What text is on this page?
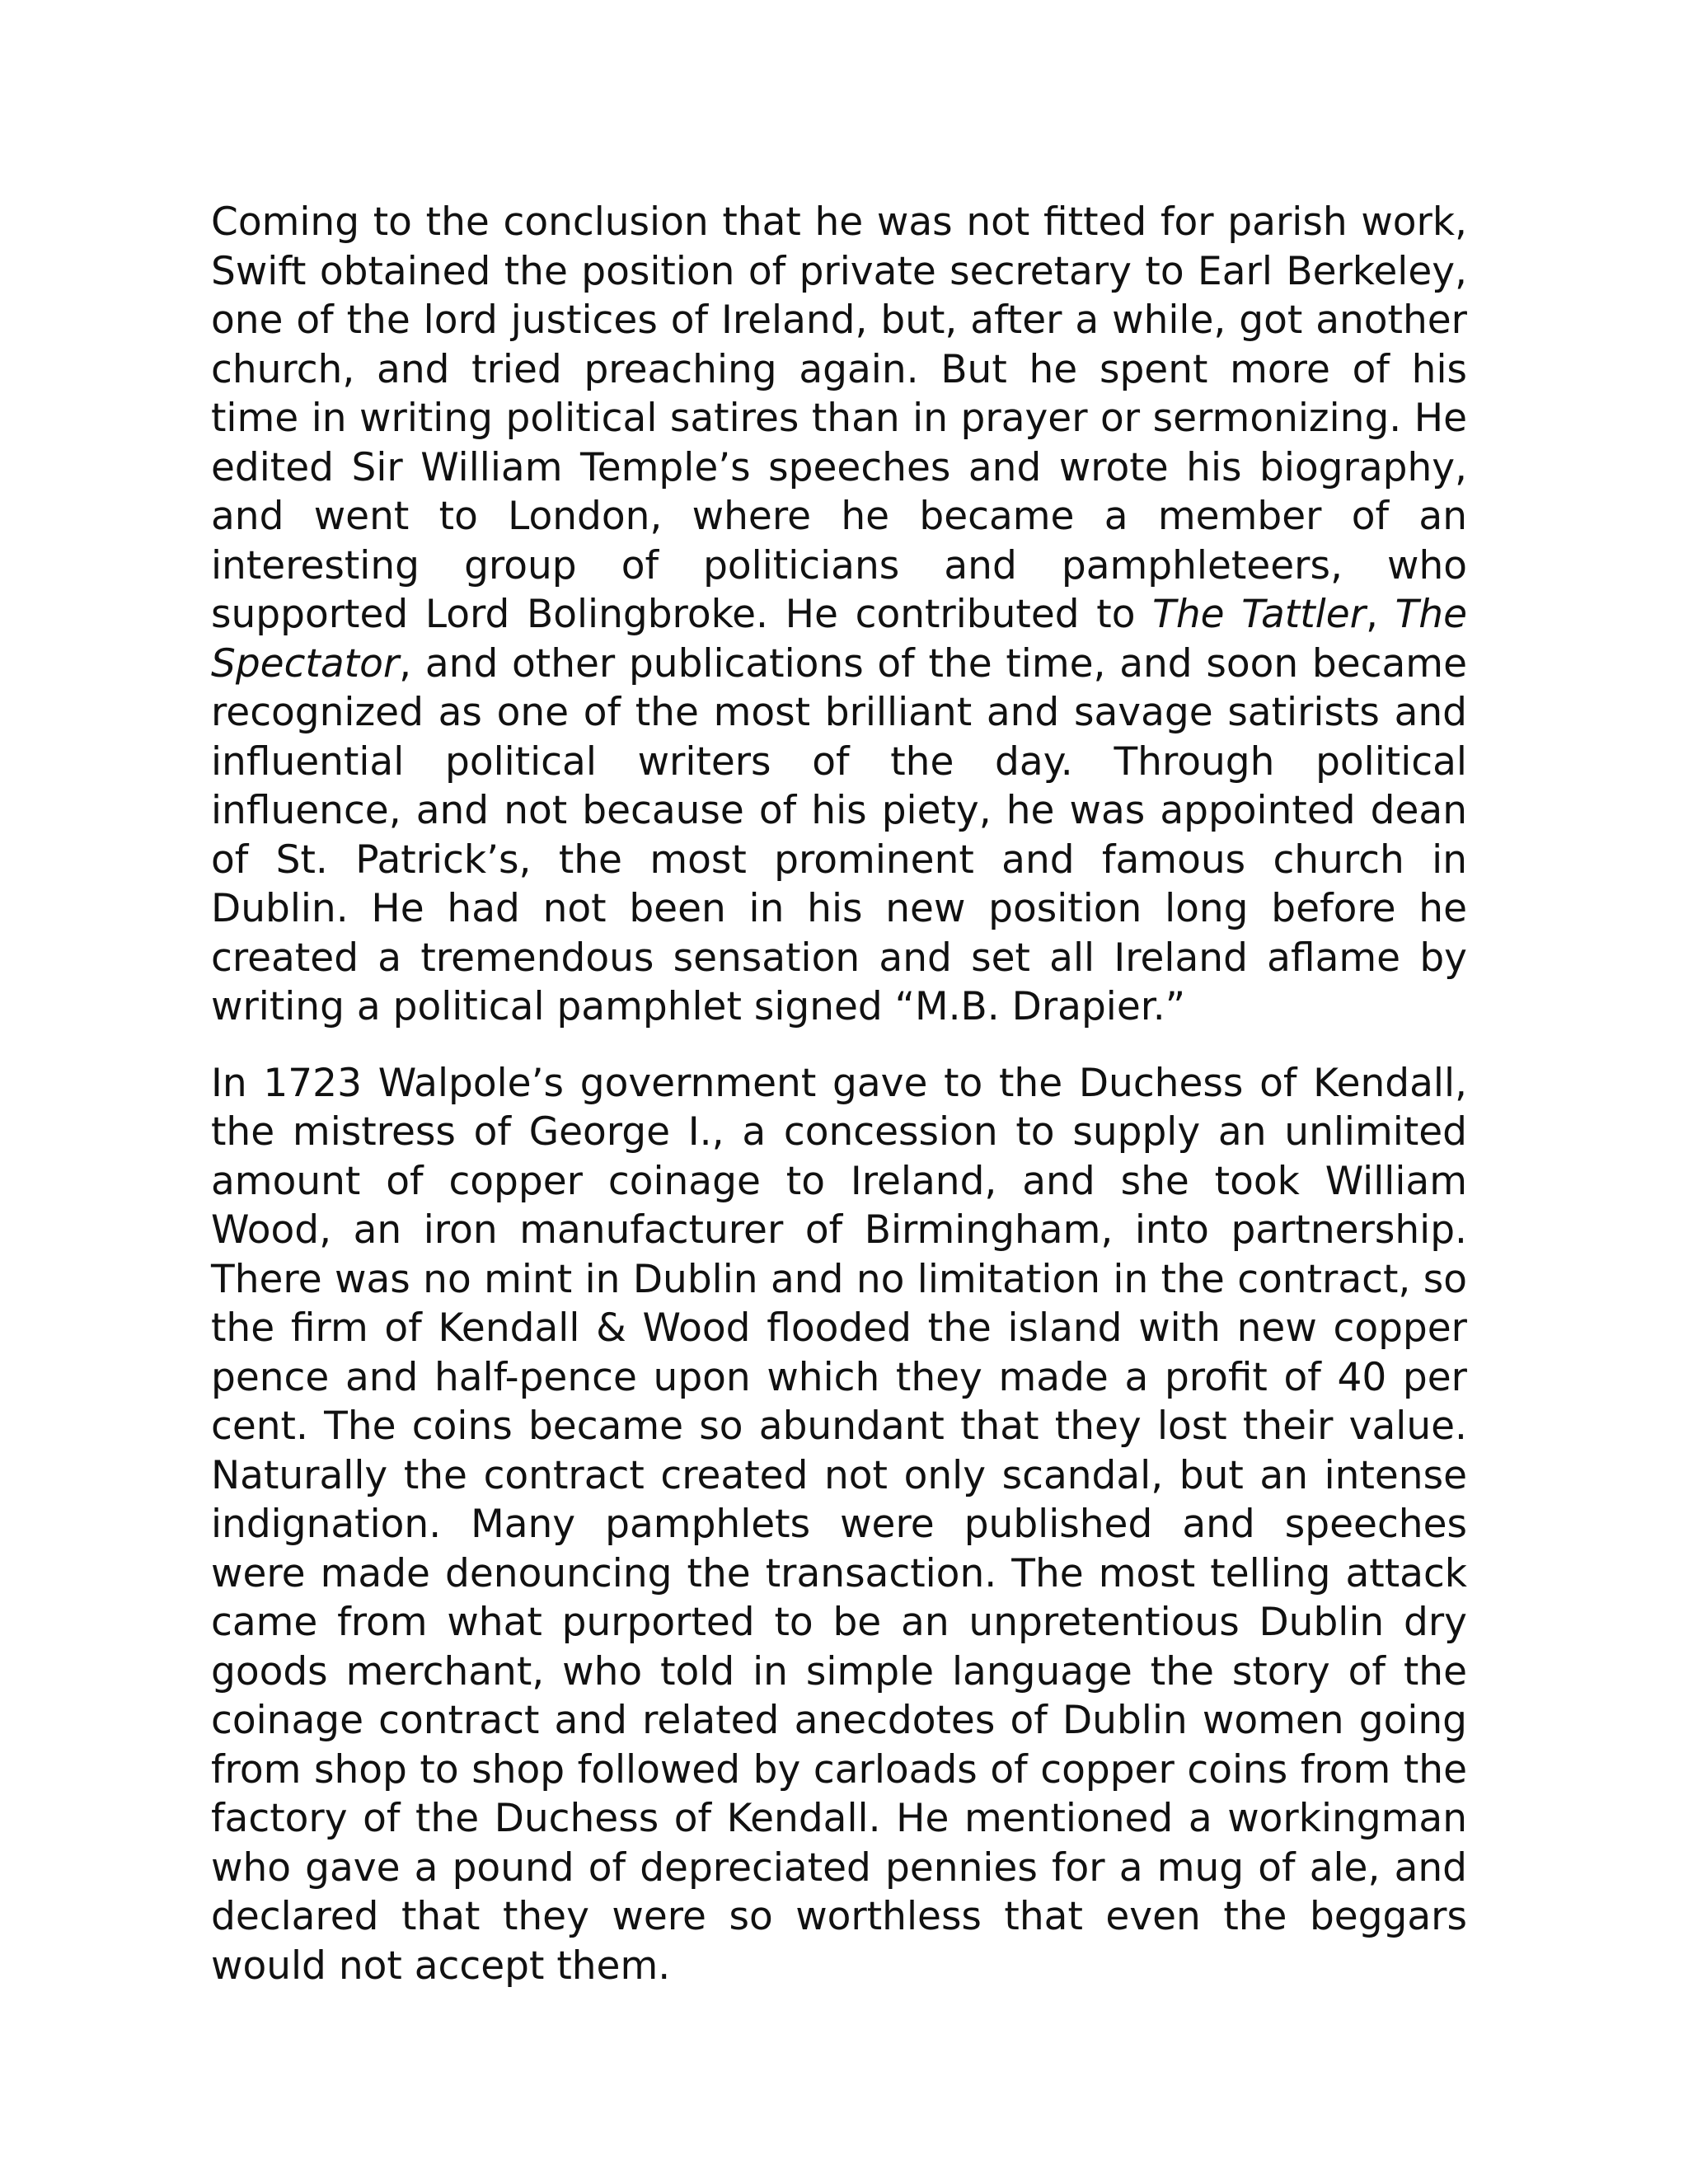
Coming to the conclusion that he was not fitted for parish work, Swift obtained the position of private secretary to Earl Berkeley, one of the lord justices of Ireland, but, after a while, got another church, and tried preaching again. But he spent more of his time in writing political satires than in prayer or sermonizing. He edited Sir William Temple’s speeches and wrote his biography, and went to London, where he became a member of an interesting group of politicians and pamphleteers, who supported Lord Bolingbroke. He contributed to The Tattler, The Spectator, and other publications of the time, and soon became recognized as one of the most brilliant and savage satirists and influential political writers of the day. Through political influence, and not because of his piety, he was appointed dean of St. Patrick’s, the most prominent and famous church in Dublin. He had not been in his new position long before he created a tremendous sensation and set all Ireland aflame by writing a political pamphlet signed “M.B. Drapier.”

In 1723 Walpole’s government gave to the Duchess of Kendall, the mistress of George I., a concession to supply an unlimited amount of copper coinage to Ireland, and she took William Wood, an iron manufacturer of Birmingham, into partnership. There was no mint in Dublin and no limitation in the contract, so the firm of Kendall & Wood flooded the island with new copper pence and half-pence upon which they made a profit of 40 per cent. The coins became so abundant that they lost their value. Naturally the contract created not only scandal, but an intense indignation. Many pamphlets were published and speeches were made denouncing the transaction. The most telling attack came from what purported to be an unpretentious Dublin dry goods merchant, who told in simple language the story of the coinage contract and related anecdotes of Dublin women going from shop to shop followed by carloads of copper coins from the factory of the Duchess of Kendall. He mentioned a workingman who gave a pound of depreciated pennies for a mug of ale, and declared that they were so worthless that even the beggars would not accept them.
